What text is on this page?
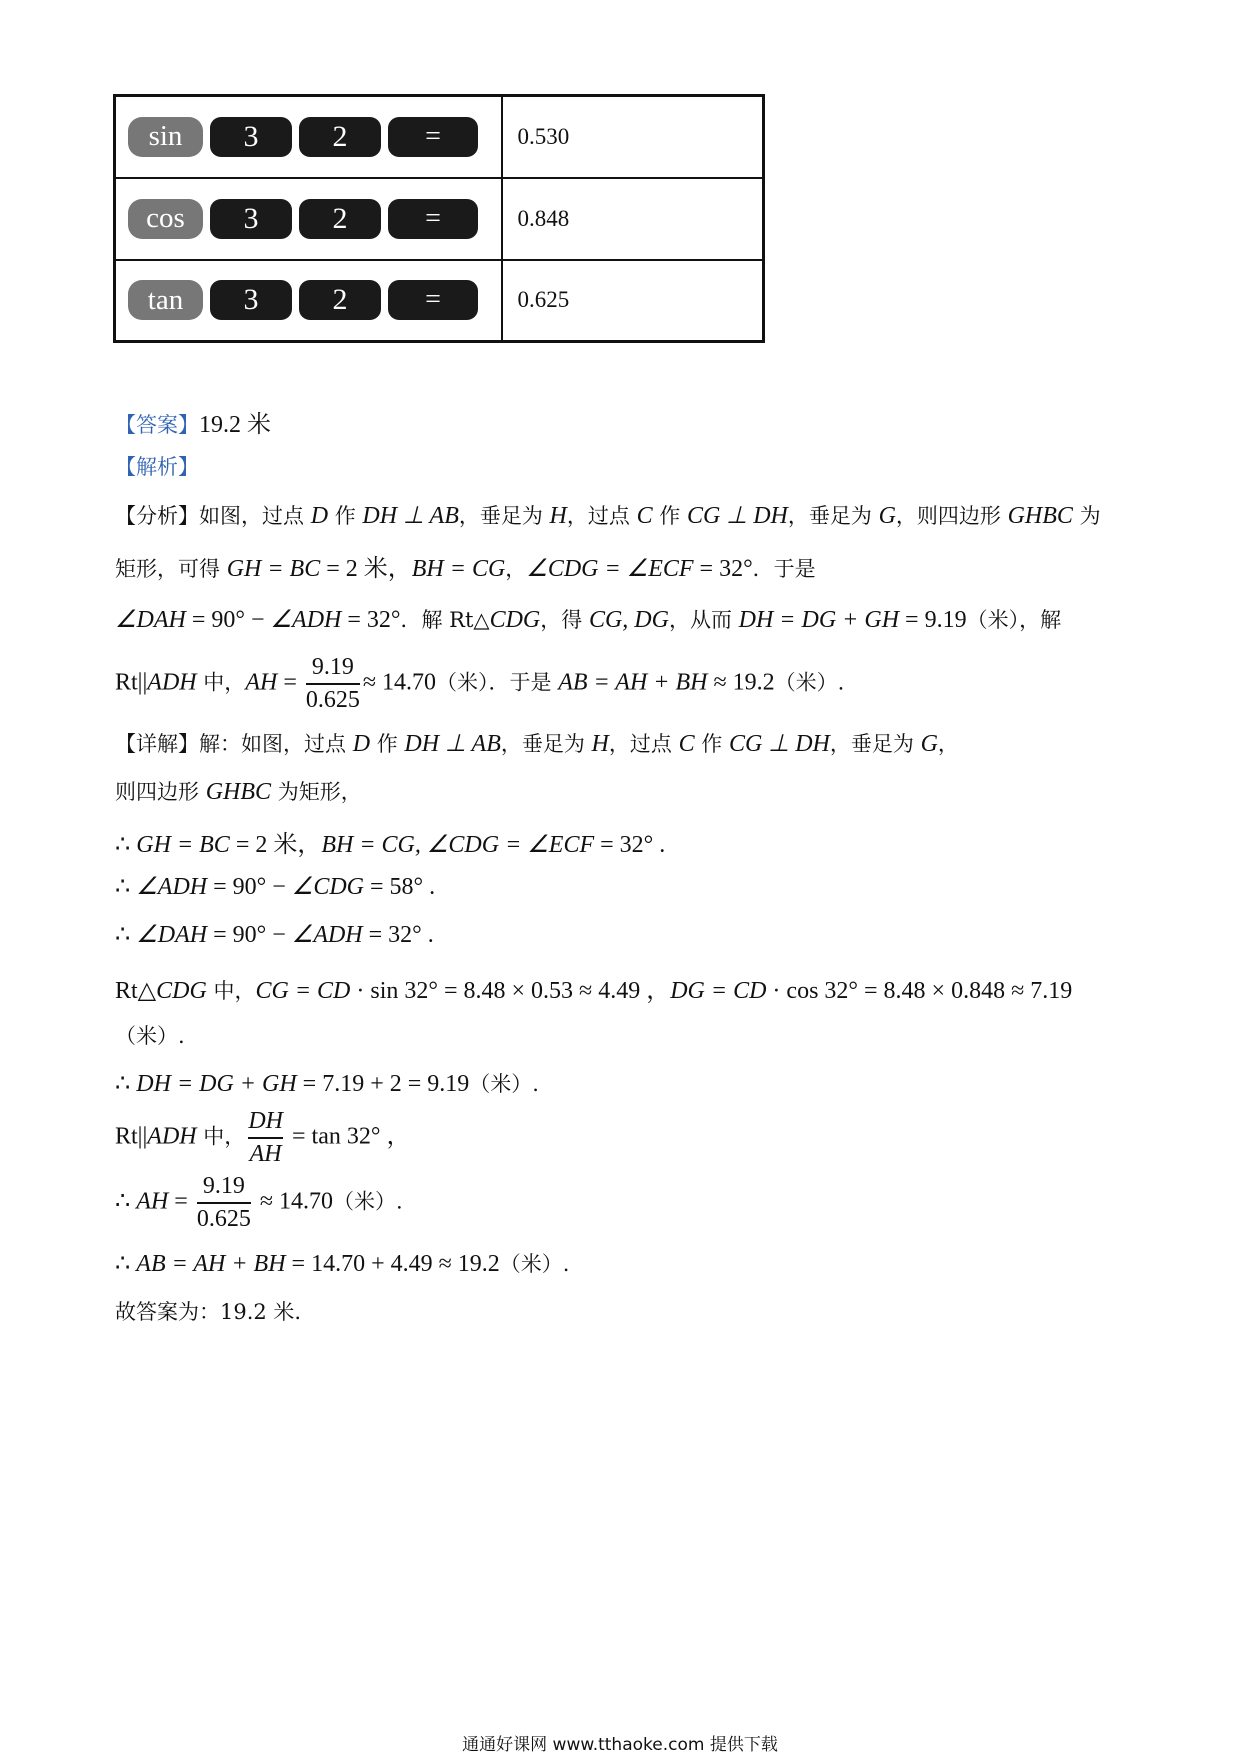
sin 3 2 =	0.530

cos 3 2 =	0.848

tan 3 2 =	0.625
【答案】19.2 米
【解析】
【分析】如图，过点 D 作 DH ⊥ AB，垂足为 H，过点 C 作 CG ⊥ DH，垂足为 G，则四边形 GHBC 为
矩形，可得 GH = BC = 2 米，BH = CG，∠CDG = ∠ECF = 32°．于是
∠DAH = 90° − ∠ADH = 32°．解 Rt△CDG，得 CG, DG，从而 DH = DG + GH = 9.19（米），解
Rt||ADH 中，AH = $\frac{9.19}{0.625} \approx 14.70$（米）．于是 AB = AH + BH ≈ 19.2（米）.
【详解】解：如图，过点 D 作 DH ⊥ AB，垂足为 H，过点 C 作 CG ⊥ DH，垂足为 G，
则四边形 GHBC 为矩形，
∴ GH = BC = 2 米，BH = CG, ∠CDG = ∠ECF = 32° .
∴ ∠ADH = 90° − ∠CDG = 58° .
∴ ∠DAH = 90° − ∠ADH = 32° .
Rt△CDG 中，CG = CD · sin 32° = 8.48 × 0.53 ≈ 4.49 ，DG = CD · cos 32° = 8.48 × 0.848 ≈ 7.19
（米）.
∴ DH = DG + GH = 7.19 + 2 = 9.19（米）.
Rt||ADH 中， $\frac{DH}{AH} = \tan 32^\circ$ ，
∴ AH = $\frac{9.19}{0.625} \approx 14.70$（米）.
∴ AB = AH + BH = 14.70 + 4.49 ≈ 19.2（米）.
故答案为：19.2 米.
通通好课网 www.tthaoke.com 提供下载
